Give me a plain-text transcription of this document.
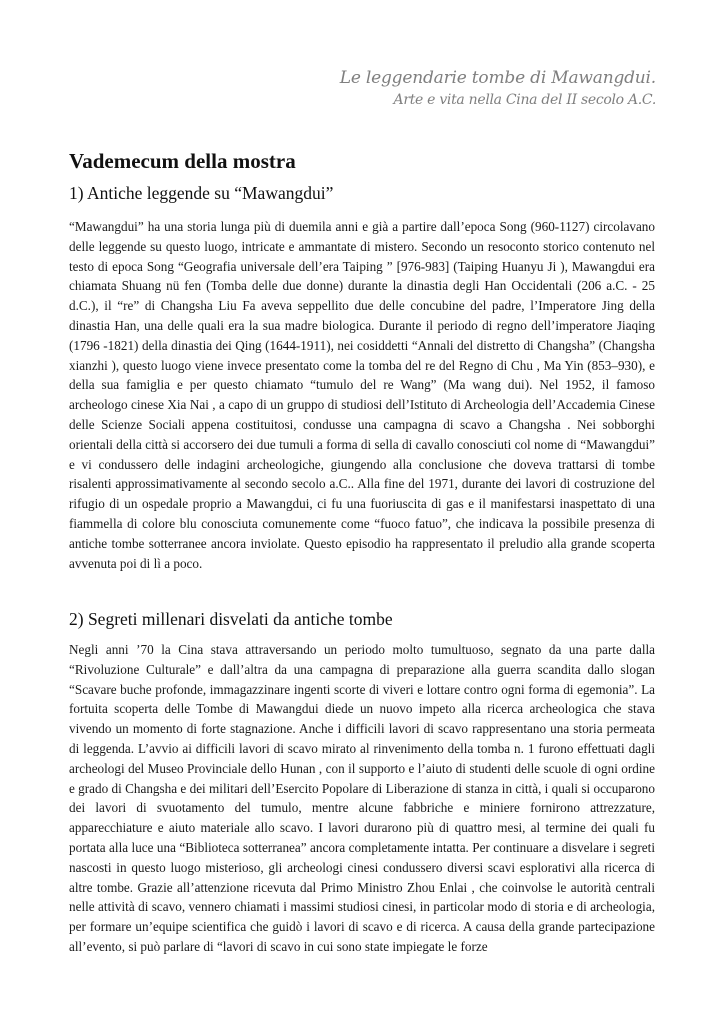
Le leggendarie tombe di Mawangdui.
Arte e vita nella Cina del II secolo A.C.
Vademecum della mostra
1) Antiche leggende su “Mawangdui”

“Mawangdui” ha una storia lunga più di duemila anni e già a partire dall’epoca Song (960-1127) circolavano delle leggende su questo luogo, intricate e ammantate di mistero. Secondo un resoconto storico contenuto nel testo di epoca Song “Geografia universale dell’era Taiping ” [976-983] (Taiping Huanyu Ji ), Mawangdui era chiamata Shuang nü fen (Tomba delle due donne) durante la dinastia degli Han Occidentali (206 a.C. - 25 d.C.), il “re” di Changsha Liu Fa aveva seppellito due delle concubine del padre, l’Imperatore Jing della dinastia Han, una delle quali era la sua madre biologica. Durante il periodo di regno dell’imperatore Jiaqing (1796 -1821) della dinastia dei Qing (1644-1911), nei cosiddetti “Annali del distretto di Changsha” (Changsha xianzhi ), questo luogo viene invece presentato come la tomba del re del Regno di Chu , Ma Yin (853–930), e della sua famiglia e per questo chiamato “tumulo del re Wang” (Ma wang dui). Nel 1952, il famoso archeologo cinese Xia Nai , a capo di un gruppo di studiosi dell’Istituto di Archeologia dell’Accademia Cinese delle Scienze Sociali appena costituitosi, condusse una campagna di scavo a Changsha . Nei sobborghi orientali della città si accorsero dei due tumuli a forma di sella di cavallo conosciuti col nome di “Mawangdui” e vi condussero delle indagini archeologiche, giungendo alla conclusione che doveva trattarsi di tombe risalenti approssimativamente al secondo secolo a.C.. Alla fine del 1971, durante dei lavori di costruzione del rifugio di un ospedale proprio a Mawangdui, ci fu una fuoriuscita di gas e il manifestarsi inaspettato di una fiammella di colore blu conosciuta comunemente come “fuoco fatuo”, che indicava la possibile presenza di antiche tombe sotterranee ancora inviolate. Questo episodio ha rappresentato il preludio alla grande scoperta avvenuta poi di lì a poco.

2) Segreti millenari disvelati da antiche tombe

Negli anni ’70 la Cina stava attraversando un periodo molto tumultuoso, segnato da una parte dalla “Rivoluzione Culturale” e dall’altra da una campagna di preparazione alla guerra scandita dallo slogan “Scavare buche profonde, immagazzinare ingenti scorte di viveri e lottare contro ogni forma di egemonia”. La fortuita scoperta delle Tombe di Mawangdui diede un nuovo impeto alla ricerca archeologica che stava vivendo un momento di forte stagnazione. Anche i difficili lavori di scavo rappresentano una storia permeata di leggenda. L’avvio ai difficili lavori di scavo mirato al rinvenimento della tomba n. 1 furono effettuati dagli archeologi del Museo Provinciale dello Hunan , con il supporto e l’aiuto di studenti delle scuole di ogni ordine e grado di Changsha e dei militari dell’Esercito Popolare di Liberazione di stanza in città, i quali si occuparono dei lavori di svuotamento del tumulo, mentre alcune fabbriche e miniere fornirono attrezzature, apparecchiature e aiuto materiale allo scavo. I lavori durarono più di quattro mesi, al termine dei quali fu portata alla luce una “Biblioteca sotterranea” ancora completamente intatta. Per continuare a disvelare i segreti nascosti in questo luogo misterioso, gli archeologi cinesi condussero diversi scavi esplorativi alla ricerca di altre tombe. Grazie all’attenzione ricevuta dal Primo Ministro Zhou Enlai , che coinvolse le autorità centrali nelle attività di scavo, vennero chiamati i massimi studiosi cinesi, in particolar modo di storia e di archeologia, per formare un’equipe scientifica che guidò i lavori di scavo e di ricerca. A causa della grande partecipazione all’evento, si può parlare di “lavori di scavo in cui sono state impiegate le forze
